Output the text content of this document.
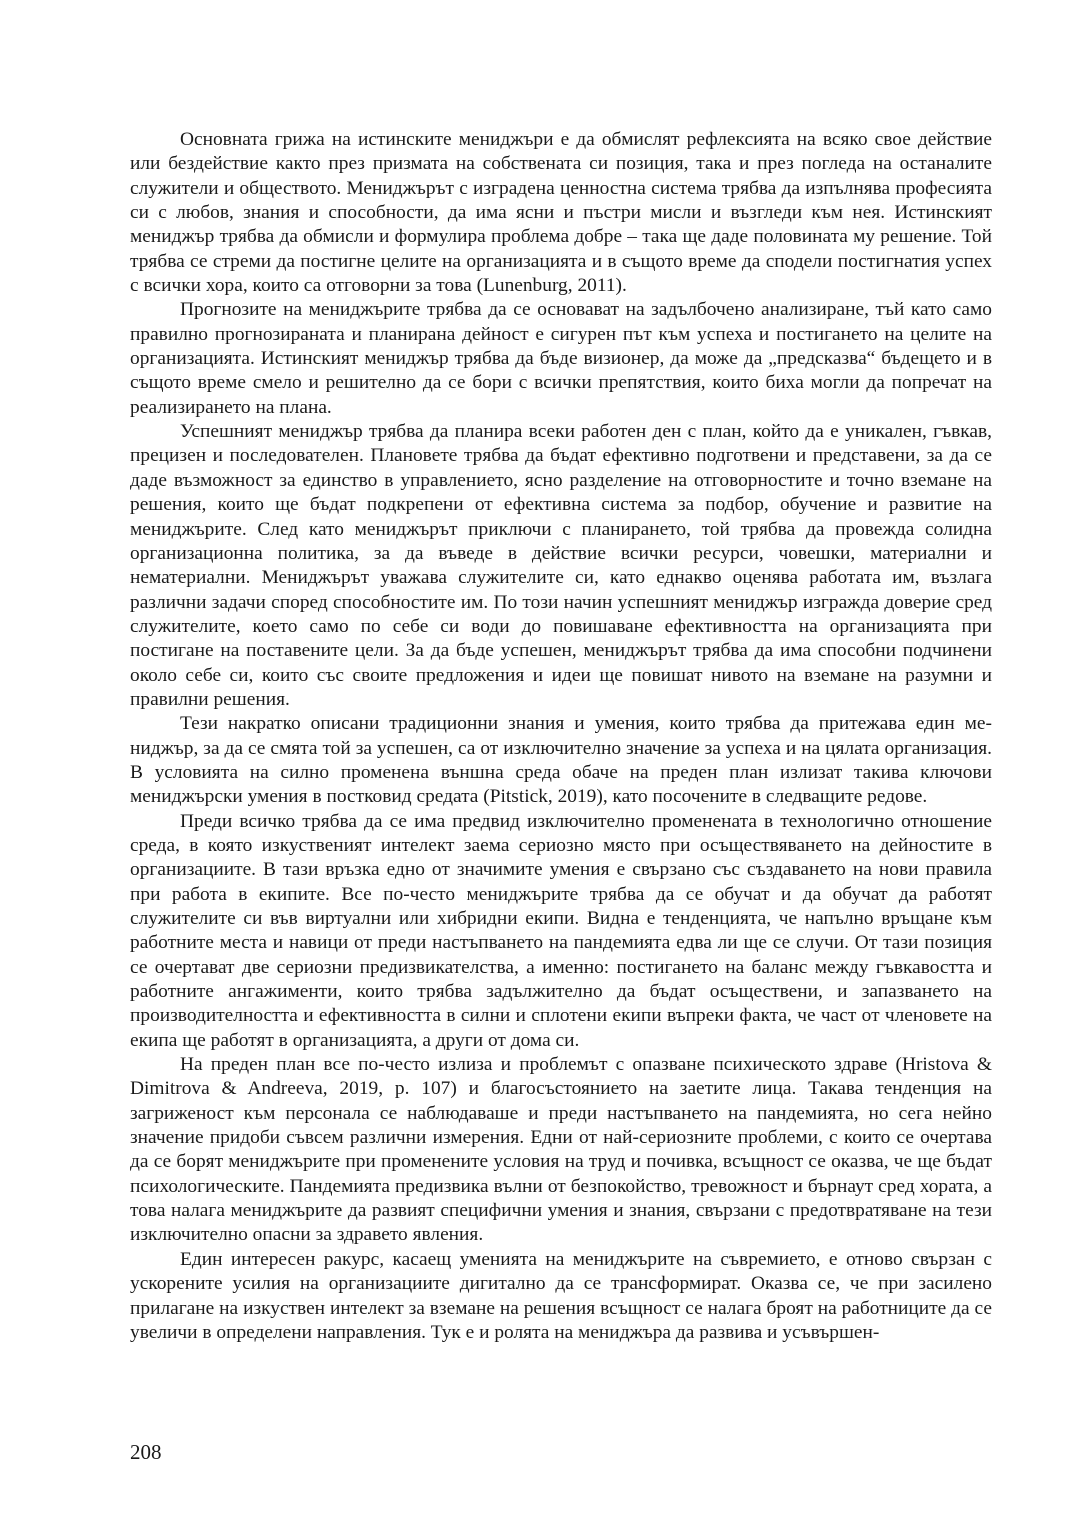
Основната грижа на истинските мениджъри е да обмислят рефлексията на всяко свое действие или бездействие както през призмата на собствената си позиция, така и през погледа на останалите служители и обществото. Мениджърът с изградена ценностна система трябва да изпълнява професията си с любов, знания и способности, да има ясни и пъстри мисли и възгледи към нея. Истинският мениджър трябва да обмисли и формулира проблема добре – така ще даде половината му решение. Той трябва се стреми да постигне целите на организацията и в същото време да сподели постигнатия успех с всички хора, които са отговорни за това (Lunenburg, 2011).

Прогнозите на мениджърите трябва да се основават на задълбочено анализиране, тъй като само правилно прогнозираната и планирана дейност е сигурен път към успеха и постигането на целите на организацията. Истинският мениджър трябва да бъде визионер, да може да „предсказва“ бъдещето и в същото време смело и решително да се бори с всички препятствия, които биха могли да попречат на реализирането на плана.

Успешният мениджър трябва да планира всеки работен ден с план, който да е уникален, гъвкав, прецизен и последователен. Плановете трябва да бъдат ефективно подготвени и представени, за да се даде възможност за единство в управлението, ясно разделение на отговорностите и точно вземане на решения, които ще бъдат подкрепени от ефективна система за подбор, обучение и развитие на мениджърите. След като мениджърът приключи с планирането, той трябва да провежда солидна организационна политика, за да въведе в действие всички ресурси, човешки, материални и нематериални. Мениджърът уважава служителите си, като еднакво оценява работата им, възлага различни задачи според способностите им. По този начин успешният мениджър изгражда доверие сред служителите, което само по себе си води до повишаване ефективността на организацията при постигане на поставените цели. За да бъде успешен, мениджърът трябва да има способни подчинени около себе си, които със своите предложения и идеи ще повишат нивото на вземане на разумни и правилни решения.

Тези накратко описани традиционни знания и умения, които трябва да притежава един мениджър, за да се смята той за успешен, са от изключително значение за успеха и на цялата организация. В условията на силно променена външна среда обаче на преден план излизат такива ключови мениджърски умения в постковид средата (Pitstick, 2019), като посочените в следващите редове.

Преди всичко трябва да се има предвид изключително променената в технологично отношение среда, в която изкуственият интелект заема сериозно място при осъществяването на дейностите в организациите. В тази връзка едно от значимите умения е свързано със създаването на нови правила при работа в екипите. Все по-често мениджърите трябва да се обучат и да обучат да работят служителите си във виртуални или хибридни екипи. Видна е тенденцията, че напълно връщане към работните места и навици от преди настъпването на пандемията едва ли ще се случи. От тази позиция се очертават две сериозни предизвикателства, а именно: постигането на баланс между гъвкавостта и работните ангажименти, които трябва задължително да бъдат осъществени, и запазването на производителността и ефективността в силни и сплотени екипи въпреки факта, че част от членовете на екипа ще работят в организацията, а други от дома си.

На преден план все по-често излиза и проблемът с опазване психическото здраве (Hristova & Dimitrova & Andreeva, 2019, p. 107) и благосъстоянието на заетите лица. Такава тенденция на загриженост към персонала се наблюдаваше и преди настъпването на пандемията, но сега нейно значение придоби съвсем различни измерения. Едни от най-сериозните проблеми, с които се очертава да се борят мениджърите при променените условия на труд и почивка, всъщност се оказва, че ще бъдат психологическите. Пандемията предизвика вълни от безпокойство, тревожност и бърнаут сред хората, а това налага мениджърите да развият специфични умения и знания, свързани с предотвратяване на тези изключително опасни за здравето явления.

Един интересен ракурс, касаещ уменията на мениджърите на съвремието, е отново свързан с ускорените усилия на организациите дигитално да се трансформират. Оказва се, че при засилено прилагане на изкуствен интелект за вземане на решения всъщност се налага броят на работниците да се увеличи в определени направления. Тук е и ролята на мениджъра да развива и усъвършен-

208
